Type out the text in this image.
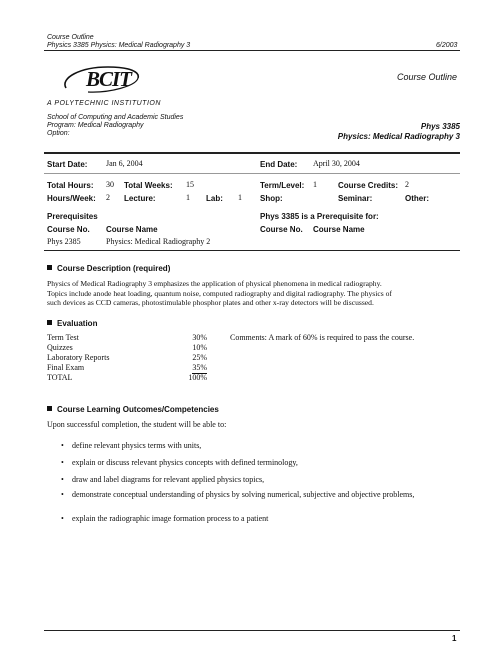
Course Outline
Physics 3385 Physics: Medical Radiography 3	6/2003
BCIT
A POLYTECHNIC INSTITUTION
Course Outline
School of Computing and Academic Studies
Program: Medical Radiography
Option:
Phys 3385
Physics: Medical Radiography 3
Start Date: Jan 6, 2004	End Date: April 30, 2004
Total Hours: 30 Total Weeks: 15	Term/Level: 1	Course Credits: 2
Hours/Week: 2 Lecture:	1 Lab: 1 Shop:	Seminar:	Other:
Prerequisites
Course No. Course Name
Phys 2385	Physics: Medical Radiography 2
Phys 3385 is a Prerequisite for:
Course No. Course Name
Course Description (required)
Physics of Medical Radiography 3 emphasizes the application of physical phenomena in medical radiography.
Topics include anode heat loading, quantum noise, computed radiography and digital radiography. The physics of
such devices as CCD cameras, photostimulable phosphor plates and other x-ray detectors will be discussed.
Evaluation
Term Test	30%
Quizzes	10%
Laboratory Reports	25%
Final Exam	35%
TOTAL	100%
Comments: A mark of 60% is required to pass the course.
Course Learning Outcomes/Competencies
Upon successful completion, the student will be able to:
• define relevant physics terms with units,
• explain or discuss relevant physics concepts with defined terminology,
• draw and label diagrams for relevant applied physics topics,
• demonstrate conceptual understanding of physics by solving numerical, subjective and objective problems,
• explain the radiographic image formation process to a patient
1
